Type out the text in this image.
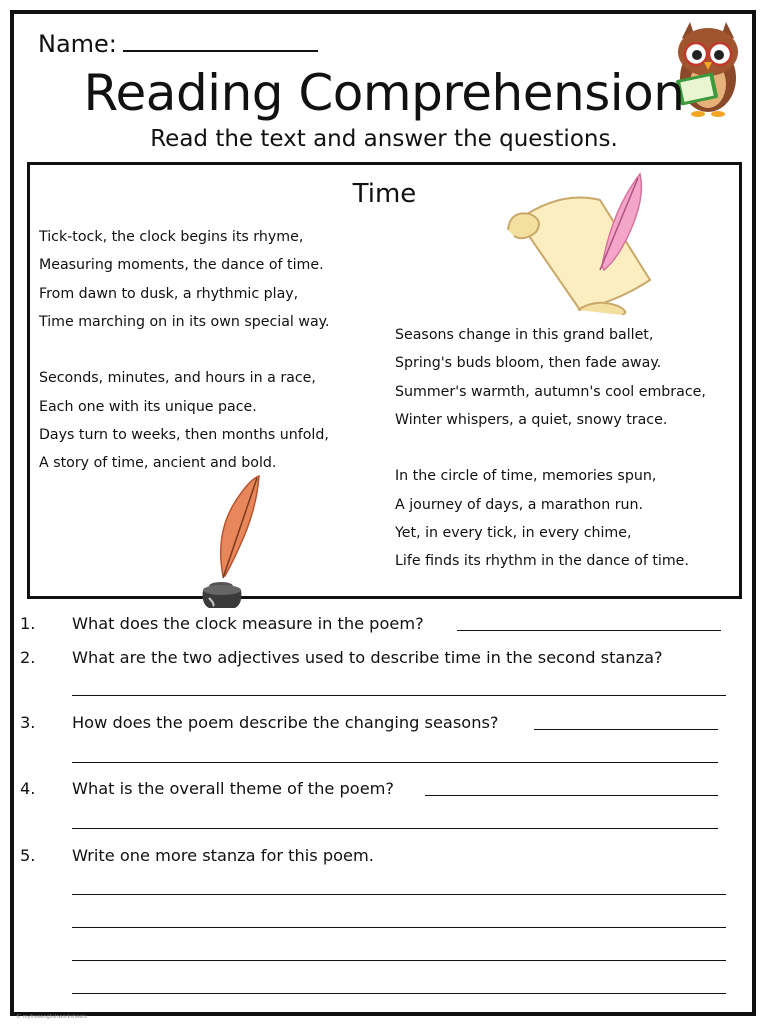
Name:
Reading Comprehension
Read the text and answer the questions.
Time
Tick-tock, the clock begins its rhyme,
Measuring moments, the dance of time.
From dawn to dusk, a rhythmic play,
Time marching on in its own special way.
Seconds, minutes, and hours in a race,
Each one with its unique pace.
Days turn to weeks, then months unfold,
A story of time, ancient and bold.
Seasons change in this grand ballet,
Spring's buds bloom, then fade away.
Summer's warmth, autumn's cool embrace,
Winter whispers, a quiet, snowy trace.
In the circle of time, memories spun,
A journey of days, a marathon run.
Yet, in every tick, in every chime,
Life finds its rhythm in the dance of time.
1. What does the clock measure in the poem?
2. What are the two adjectives used to describe time in the second stanza?
3. How does the poem describe the changing seasons?
4. What is the overall theme of the poem?
5. Write one more stanza for this poem.
© myfreeenglishworksheets
